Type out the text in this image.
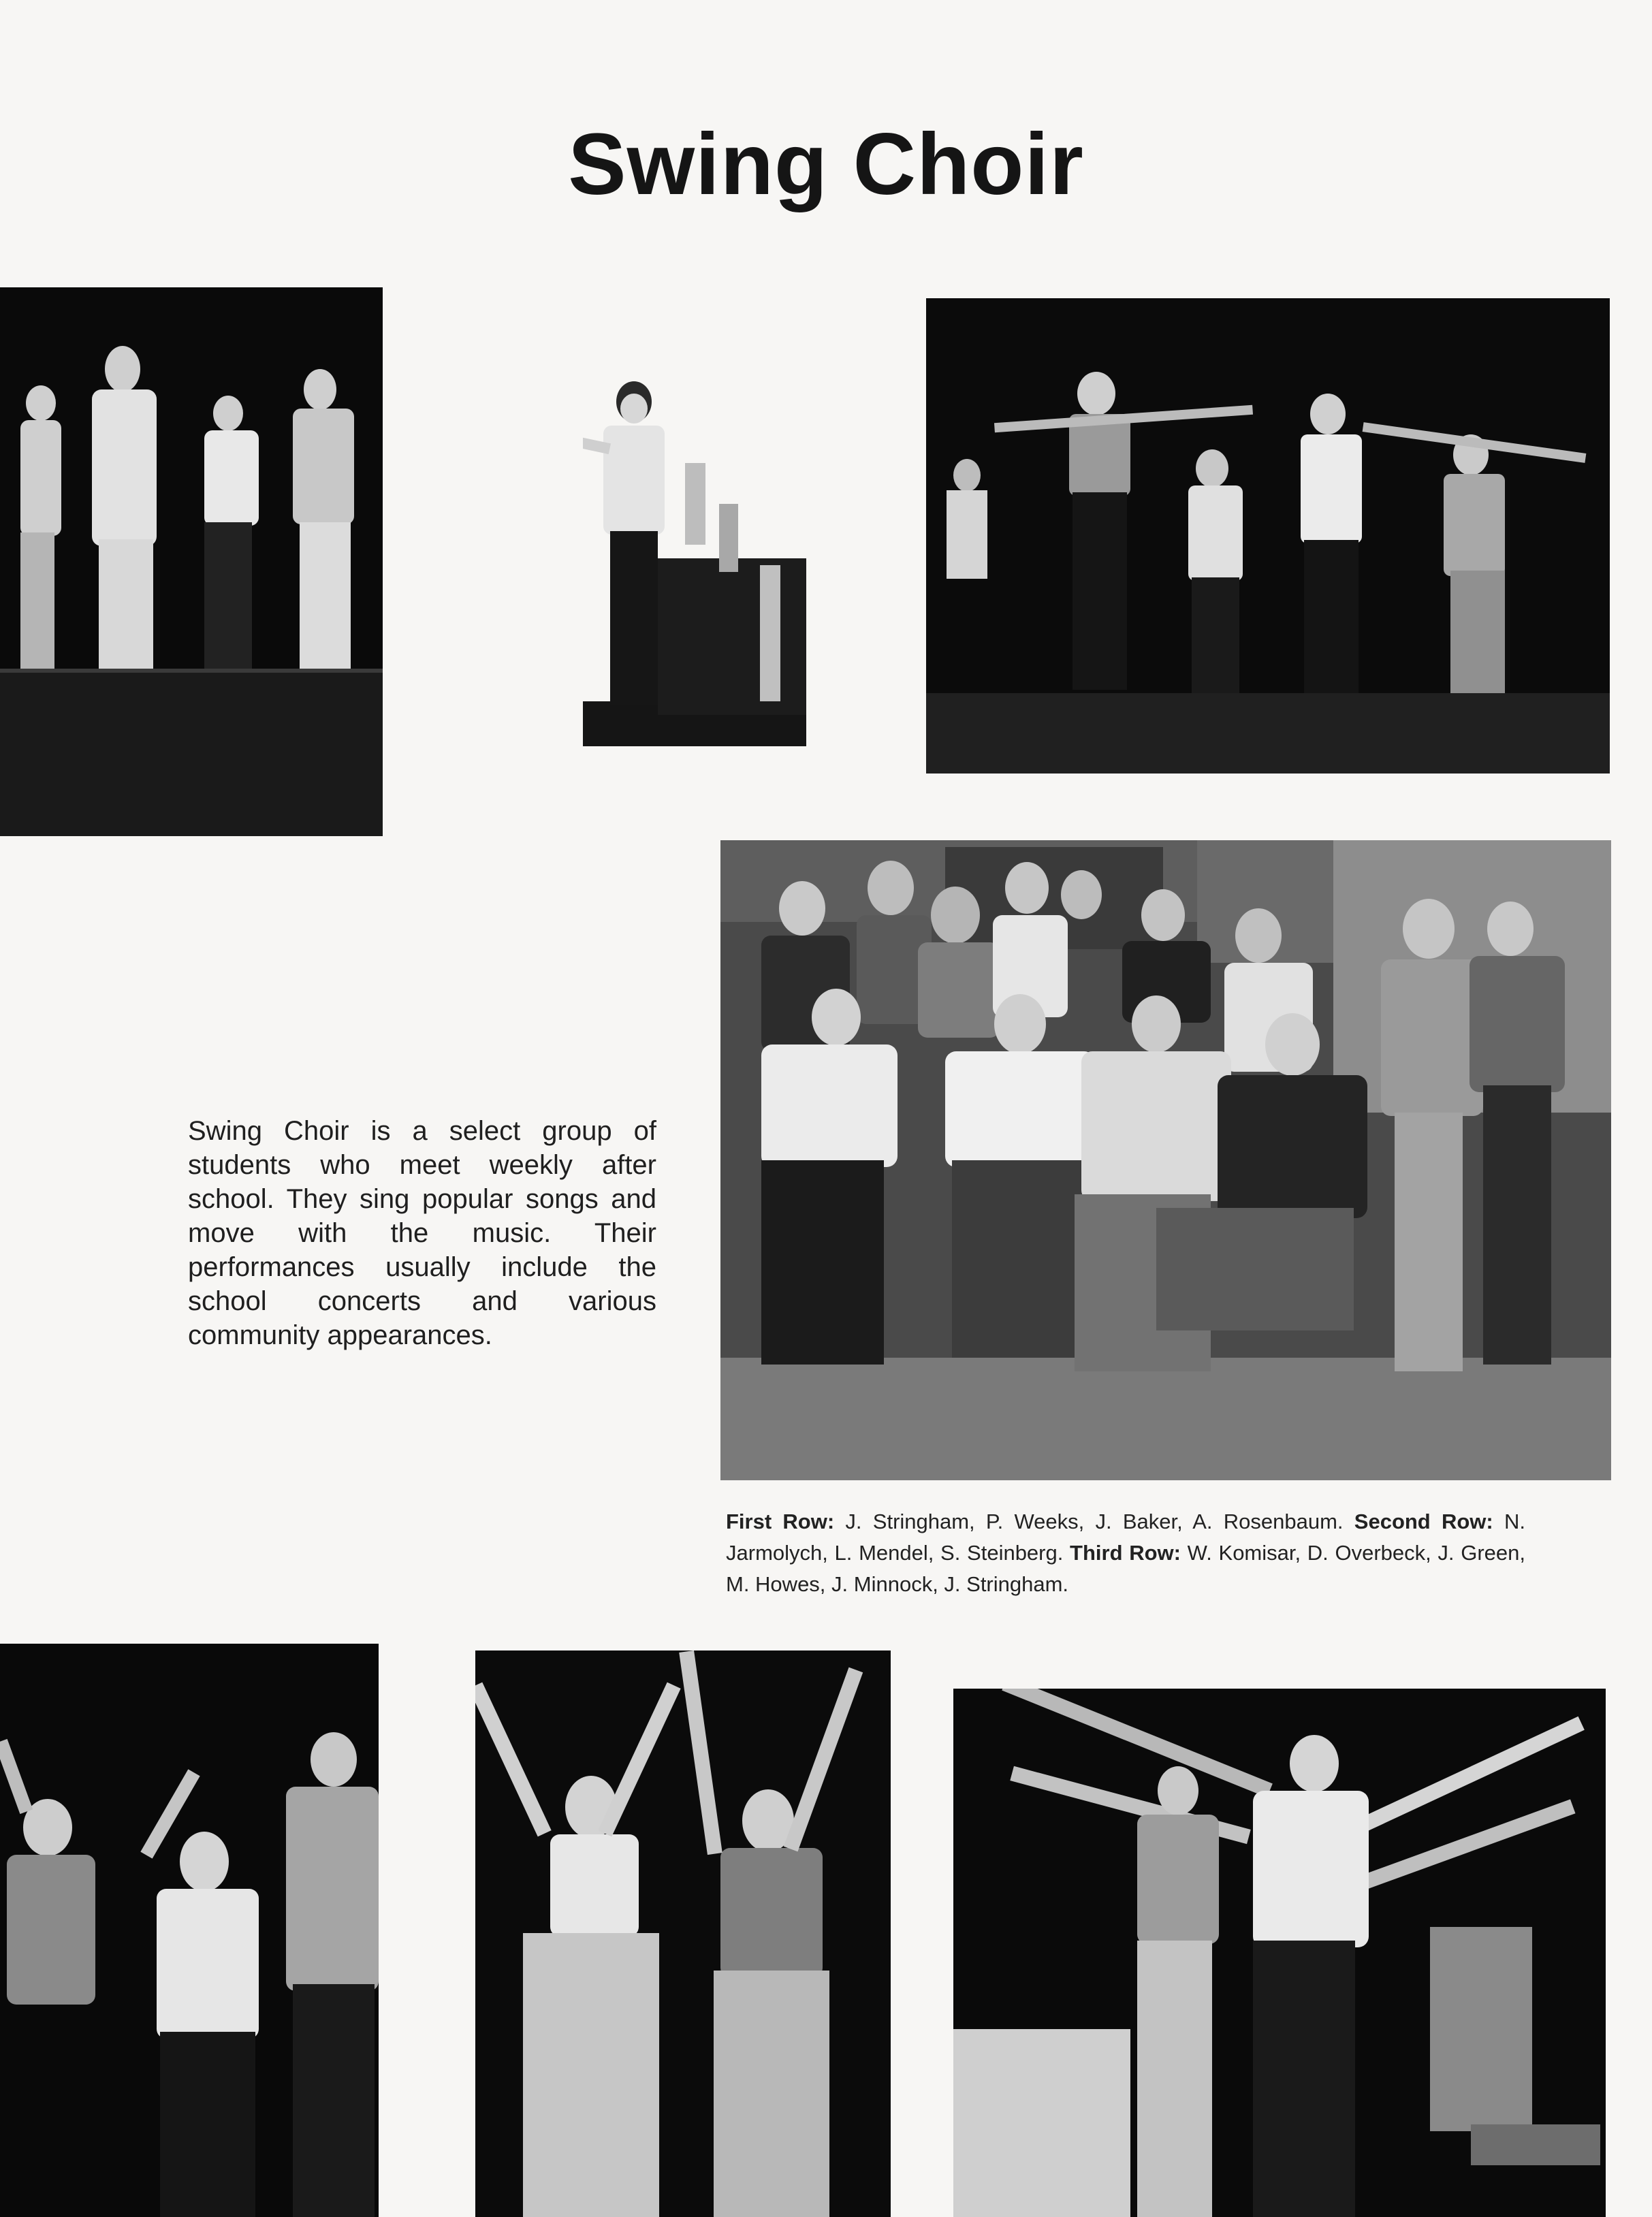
Swing Choir
Swing Choir is a select group of students who meet weekly after school. They sing popular songs and move with the music. Their performances usually include the school concerts and various community appearances.
First Row: J. Stringham, P. Weeks, J. Baker, A. Rosenbaum. Second Row: N. Jarmolych, L. Mendel, S. Steinberg. Third Row: W. Komisar, D. Overbeck, J. Green, M. Howes, J. Minnock, J. Stringham.
